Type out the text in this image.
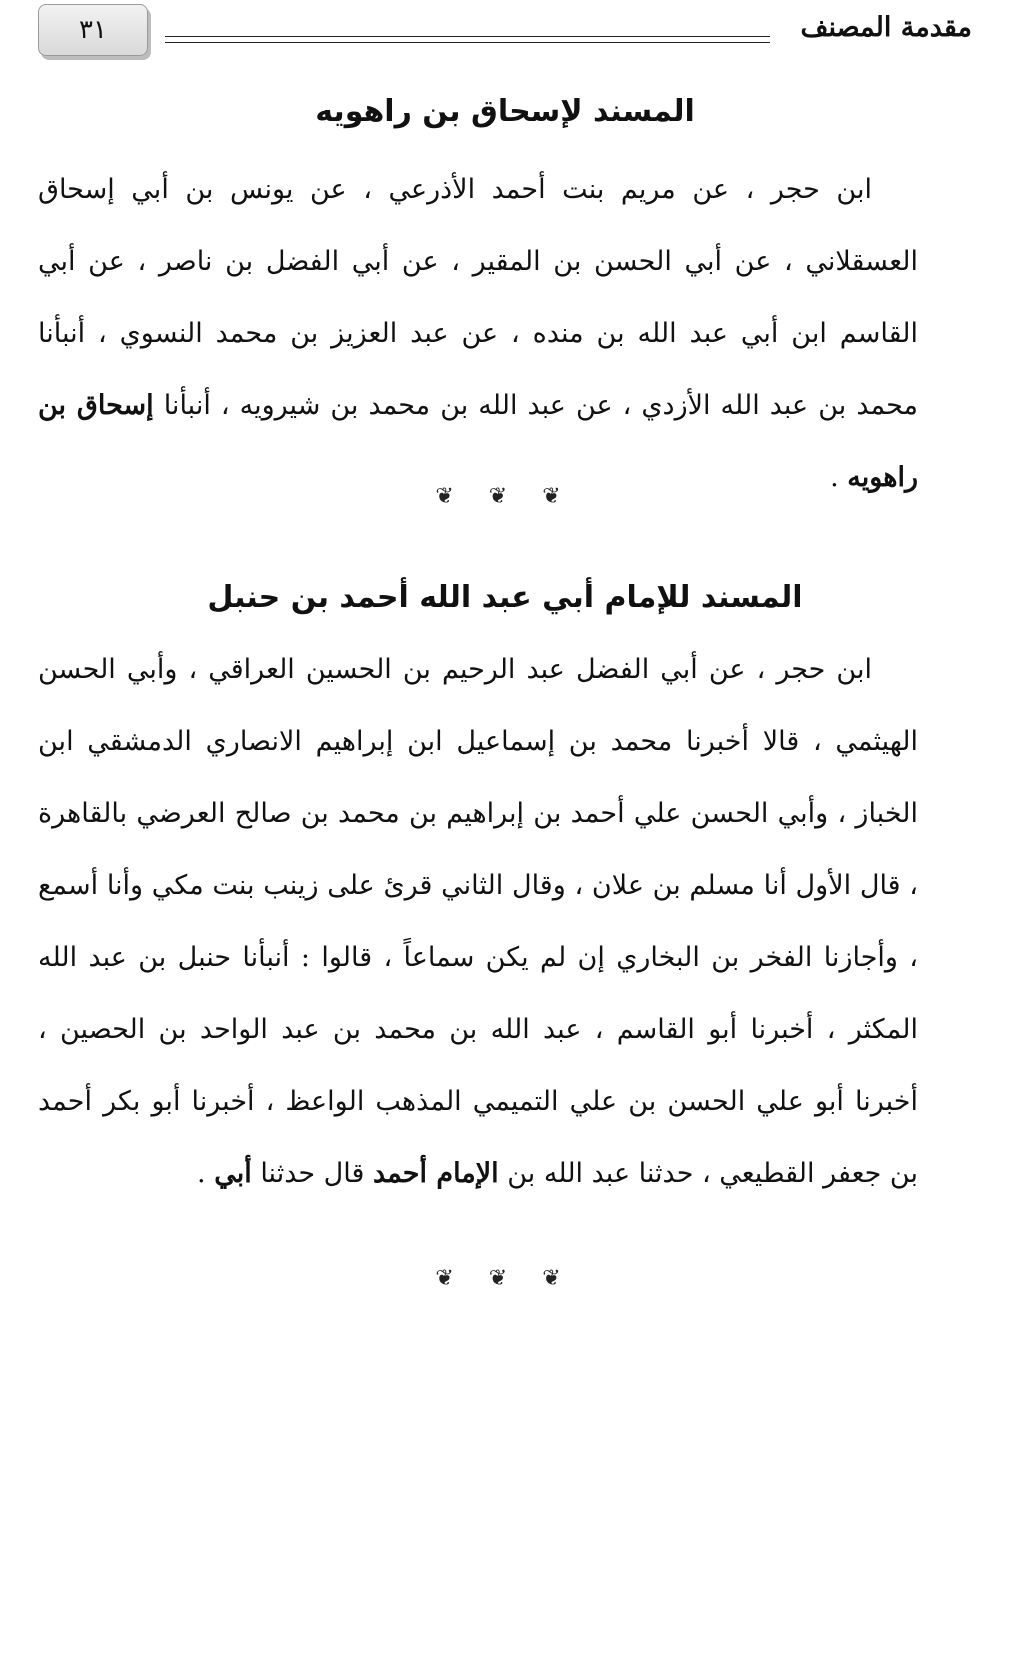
٣١	مقدمة المصنف
المسند لإسحاق بن راهويه
ابن حجر ، عن مريم بنت أحمد الأذرعي ، عن يونس بن أبي إسحاق العسقلاني ، عن أبي الحسن بن المقير ، عن أبي الفضل بن ناصر ، عن أبي القاسم ابن أبي عبد الله بن منده ، عن عبد العزيز بن محمد النسوي ، أنبأنا محمد بن عبد الله الأزدي ، عن عبد الله بن محمد بن شيرويه ، أنبأنا إسحاق بن راهويه .
❦ ❦ ❦
المسند للإمام أبي عبد الله أحمد بن حنبل
ابن حجر ، عن أبي الفضل عبد الرحيم بن الحسين العراقي ، وأبي الحسن الهيثمي ، قالا أخبرنا محمد بن إسماعيل ابن إبراهيم الانصاري الدمشقي ابن الخباز ، وأبي الحسن علي أحمد بن إبراهيم بن محمد بن صالح العرضي بالقاهرة ، قال الأول أنا مسلم بن علان ، وقال الثاني قرئ على زينب بنت مكي وأنا أسمع ، وأجازنا الفخر بن البخاري إن لم يكن سماعاً ، قالوا : أنبأنا حنبل بن عبد الله المكثر ، أخبرنا أبو القاسم ، عبد الله بن محمد بن عبد الواحد بن الحصين ، أخبرنا أبو علي الحسن بن علي التميمي المذهب الواعظ ، أخبرنا أبو بكر أحمد بن جعفر القطيعي ، حدثنا عبد الله بن الإمام أحمد قال حدثنا أبي .
❦ ❦ ❦
